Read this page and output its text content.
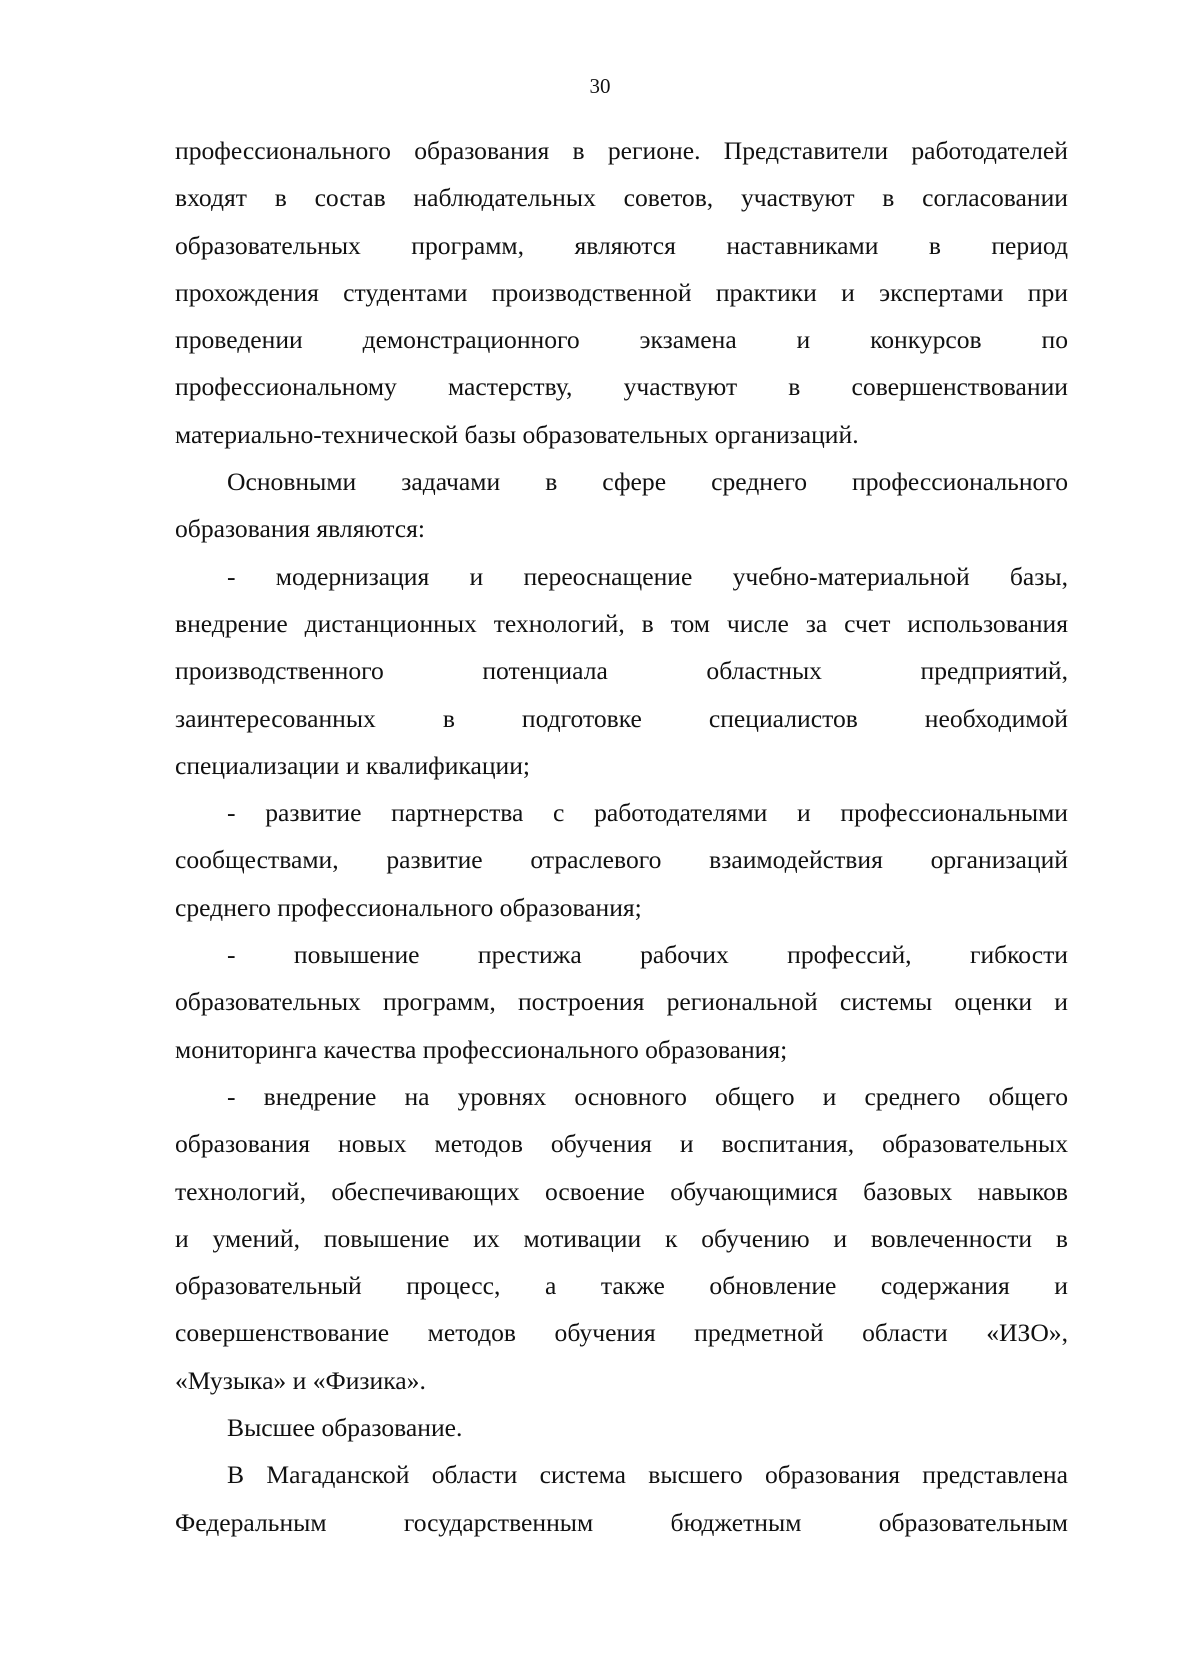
30

профессионального образования в регионе. Представители работодателей

входят в состав наблюдательных советов, участвуют в согласовании

образовательных программ, являются наставниками в период

прохождения студентами производственной практики и экспертами при

проведении демонстрационного экзамена и конкурсов по

профессиональному мастерству, участвуют в совершенствовании

материально-технической базы образовательных организаций.

Основными задачами в сфере среднего профессионального

образования являются:

- модернизация и переоснащение учебно-материальной базы,

внедрение дистанционных технологий, в том числе за счет использования

производственного потенциала областных предприятий,

заинтересованных в подготовке специалистов необходимой

специализации и квалификации;

- развитие партнерства с работодателями и профессиональными

сообществами, развитие отраслевого взаимодействия организаций

среднего профессионального образования;

- повышение престижа рабочих профессий, гибкости

образовательных программ, построения региональной системы оценки и

мониторинга качества профессионального образования;

- внедрение на уровнях основного общего и среднего общего

образования новых методов обучения и воспитания, образовательных

технологий, обеспечивающих освоение обучающимися базовых навыков

и умений, повышение их мотивации к обучению и вовлеченности в

образовательный процесс, а также обновление содержания и

совершенствование методов обучения предметной области «ИЗО»,

«Музыка» и «Физика».

Высшее образование.

В Магаданской области система высшего образования представлена

Федеральным государственным бюджетным образовательным
